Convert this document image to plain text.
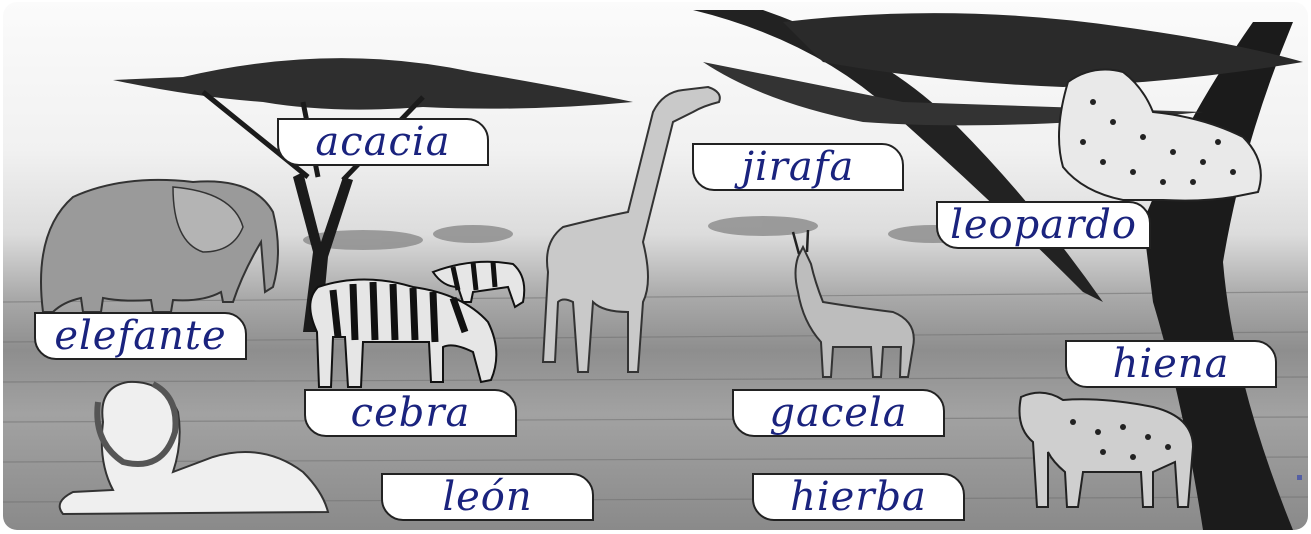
acacia
jirafa
leopardo
elefante
hiena
cebra	gacela
león	hierba
